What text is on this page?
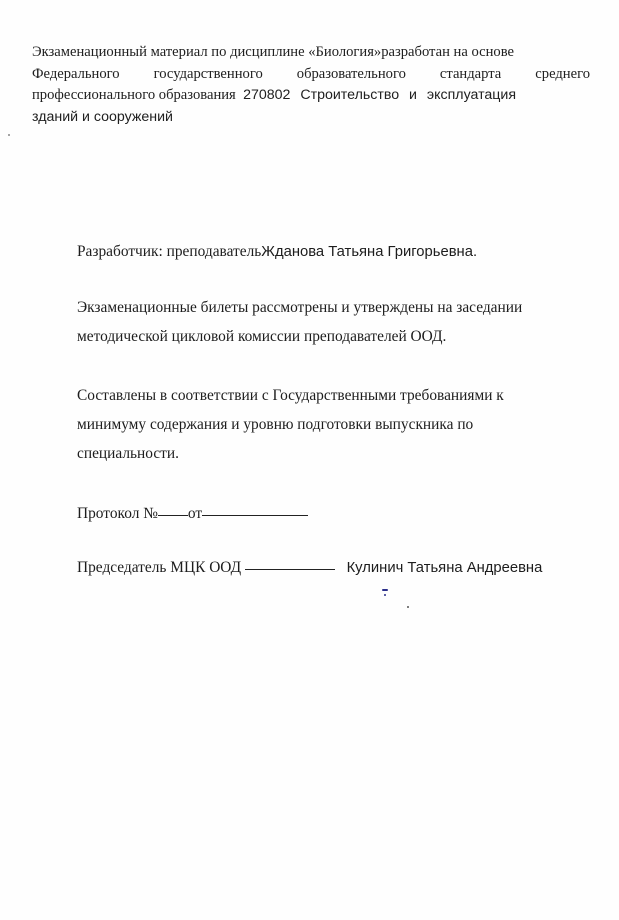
Экзаменационный материал по дисциплине «Биология»разработан на основе
Федерального государственного образовательного стандарта среднего
профессионального образования 270802 Строительство и эксплуатация
зданий и сооружений
Разработчик: преподавательЖданова Татьяна Григорьевна.
Экзаменационные билеты рассмотрены и утверждены на заседании
методической цикловой комиссии преподавателей ООД.
Составлены в соответствии с Государственными требованиями к
минимуму содержания и уровню подготовки выпускника по
специальности.
Протокол № от
Председатель МЦК ООД	Кулинич Татьяна Андреевна
